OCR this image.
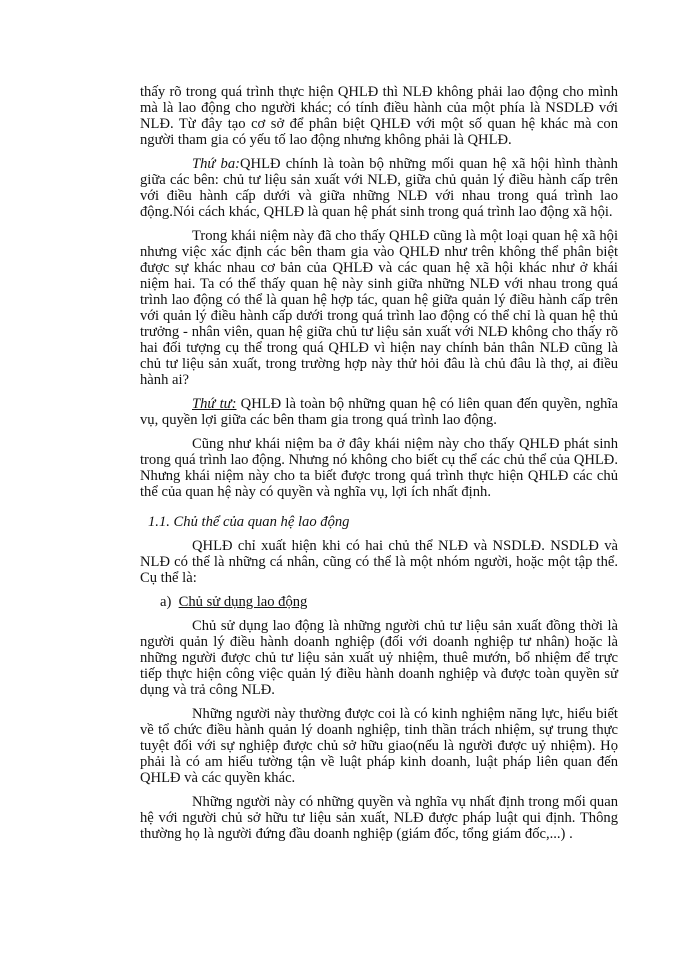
thấy rõ trong quá trình thực hiện QHLĐ thì NLĐ không phải lao động cho mình mà là lao động cho người khác; có tính điều hành của một phía là NSDLĐ với NLĐ. Từ đây tạo cơ sở để phân biệt QHLĐ với một số quan hệ khác mà con người tham gia có yếu tố lao động nhưng không phải là QHLĐ.

Thứ ba:QHLĐ chính là toàn bộ những mối quan hệ xã hội hình thành giữa các bên: chủ tư liệu sản xuất với NLĐ, giữa chủ quản lý điều hành cấp trên với điều hành cấp dưới và giữa những NLĐ với nhau trong quá trình lao động.Nói cách khác, QHLĐ là quan hệ phát sinh trong quá trình lao động xã hội.

Trong khái niệm này đã cho thấy QHLĐ cũng là một loại quan hệ xã hội nhưng việc xác định các bên tham gia vào QHLĐ như trên không thể phân biệt được sự khác nhau cơ bản của QHLĐ và các quan hệ xã hội khác như ở khái niệm hai. Ta có thể thấy quan hệ này sinh giữa những NLĐ với nhau trong quá trình lao động có thể là quan hệ hợp tác, quan hệ giữa quản lý điều hành cấp trên với quản lý điều hành cấp dưới trong quá trình lao động có thể chỉ là quan hệ thủ trưởng - nhân viên, quan hệ giữa chủ tư liệu sản xuất với NLĐ không cho thấy rõ hai đối tượng cụ thể trong quá QHLĐ vì hiện nay chính bản thân NLĐ cũng là chủ tư liệu sản xuất, trong trường hợp này thử hỏi đâu là chủ đâu là thợ, ai điều hành ai?

Thứ tư: QHLĐ là toàn bộ những quan hệ có liên quan đến quyền, nghĩa vụ, quyền lợi giữa các bên tham gia trong quá trình lao động.

Cũng như khái niệm ba ở đây khái niệm này cho thấy QHLĐ phát sinh trong quá trình lao động. Nhưng nó không cho biết cụ thể các chủ thể của QHLĐ. Nhưng khái niệm này cho ta biết được trong quá trình thực hiện QHLĐ các chủ thể của quan hệ này có quyền và nghĩa vụ, lợi ích nhất định.

1.1. Chủ thể của quan hệ lao động

QHLĐ chỉ xuất hiện khi có hai chủ thể NLĐ và NSDLĐ. NSDLĐ và NLĐ có thể là những cá nhân, cũng có thể là một nhóm người, hoặc một tập thể. Cụ thể là:

a) Chủ sử dụng lao động

Chủ sử dụng lao động là những người chủ tư liệu sản xuất đồng thời là người quản lý điều hành doanh nghiệp (đối với doanh nghiệp tư nhân) hoặc là những người được chủ tư liệu sản xuất uỷ nhiệm, thuê mướn, bổ nhiệm để trực tiếp thực hiện công việc quản lý điều hành doanh nghiệp và được toàn quyền sử dụng và trả công NLĐ.

Những người này thường được coi là có kinh nghiệm năng lực, hiểu biết về tổ chức điều hành quản lý doanh nghiệp, tinh thần trách nhiệm, sự trung thực tuyệt đối với sự nghiệp được chủ sở hữu giao(nếu là người được uỷ nhiệm). Họ phải là có am hiểu tường tận về luật pháp kinh doanh, luật pháp liên quan đến QHLĐ và các quyền khác.

Những người này có những quyền và nghĩa vụ nhất định trong mối quan hệ với người chủ sở hữu tư liệu sản xuất, NLĐ được pháp luật qui định. Thông thường họ là người đứng đầu doanh nghiệp (giám đốc, tổng giám đốc,...) .
